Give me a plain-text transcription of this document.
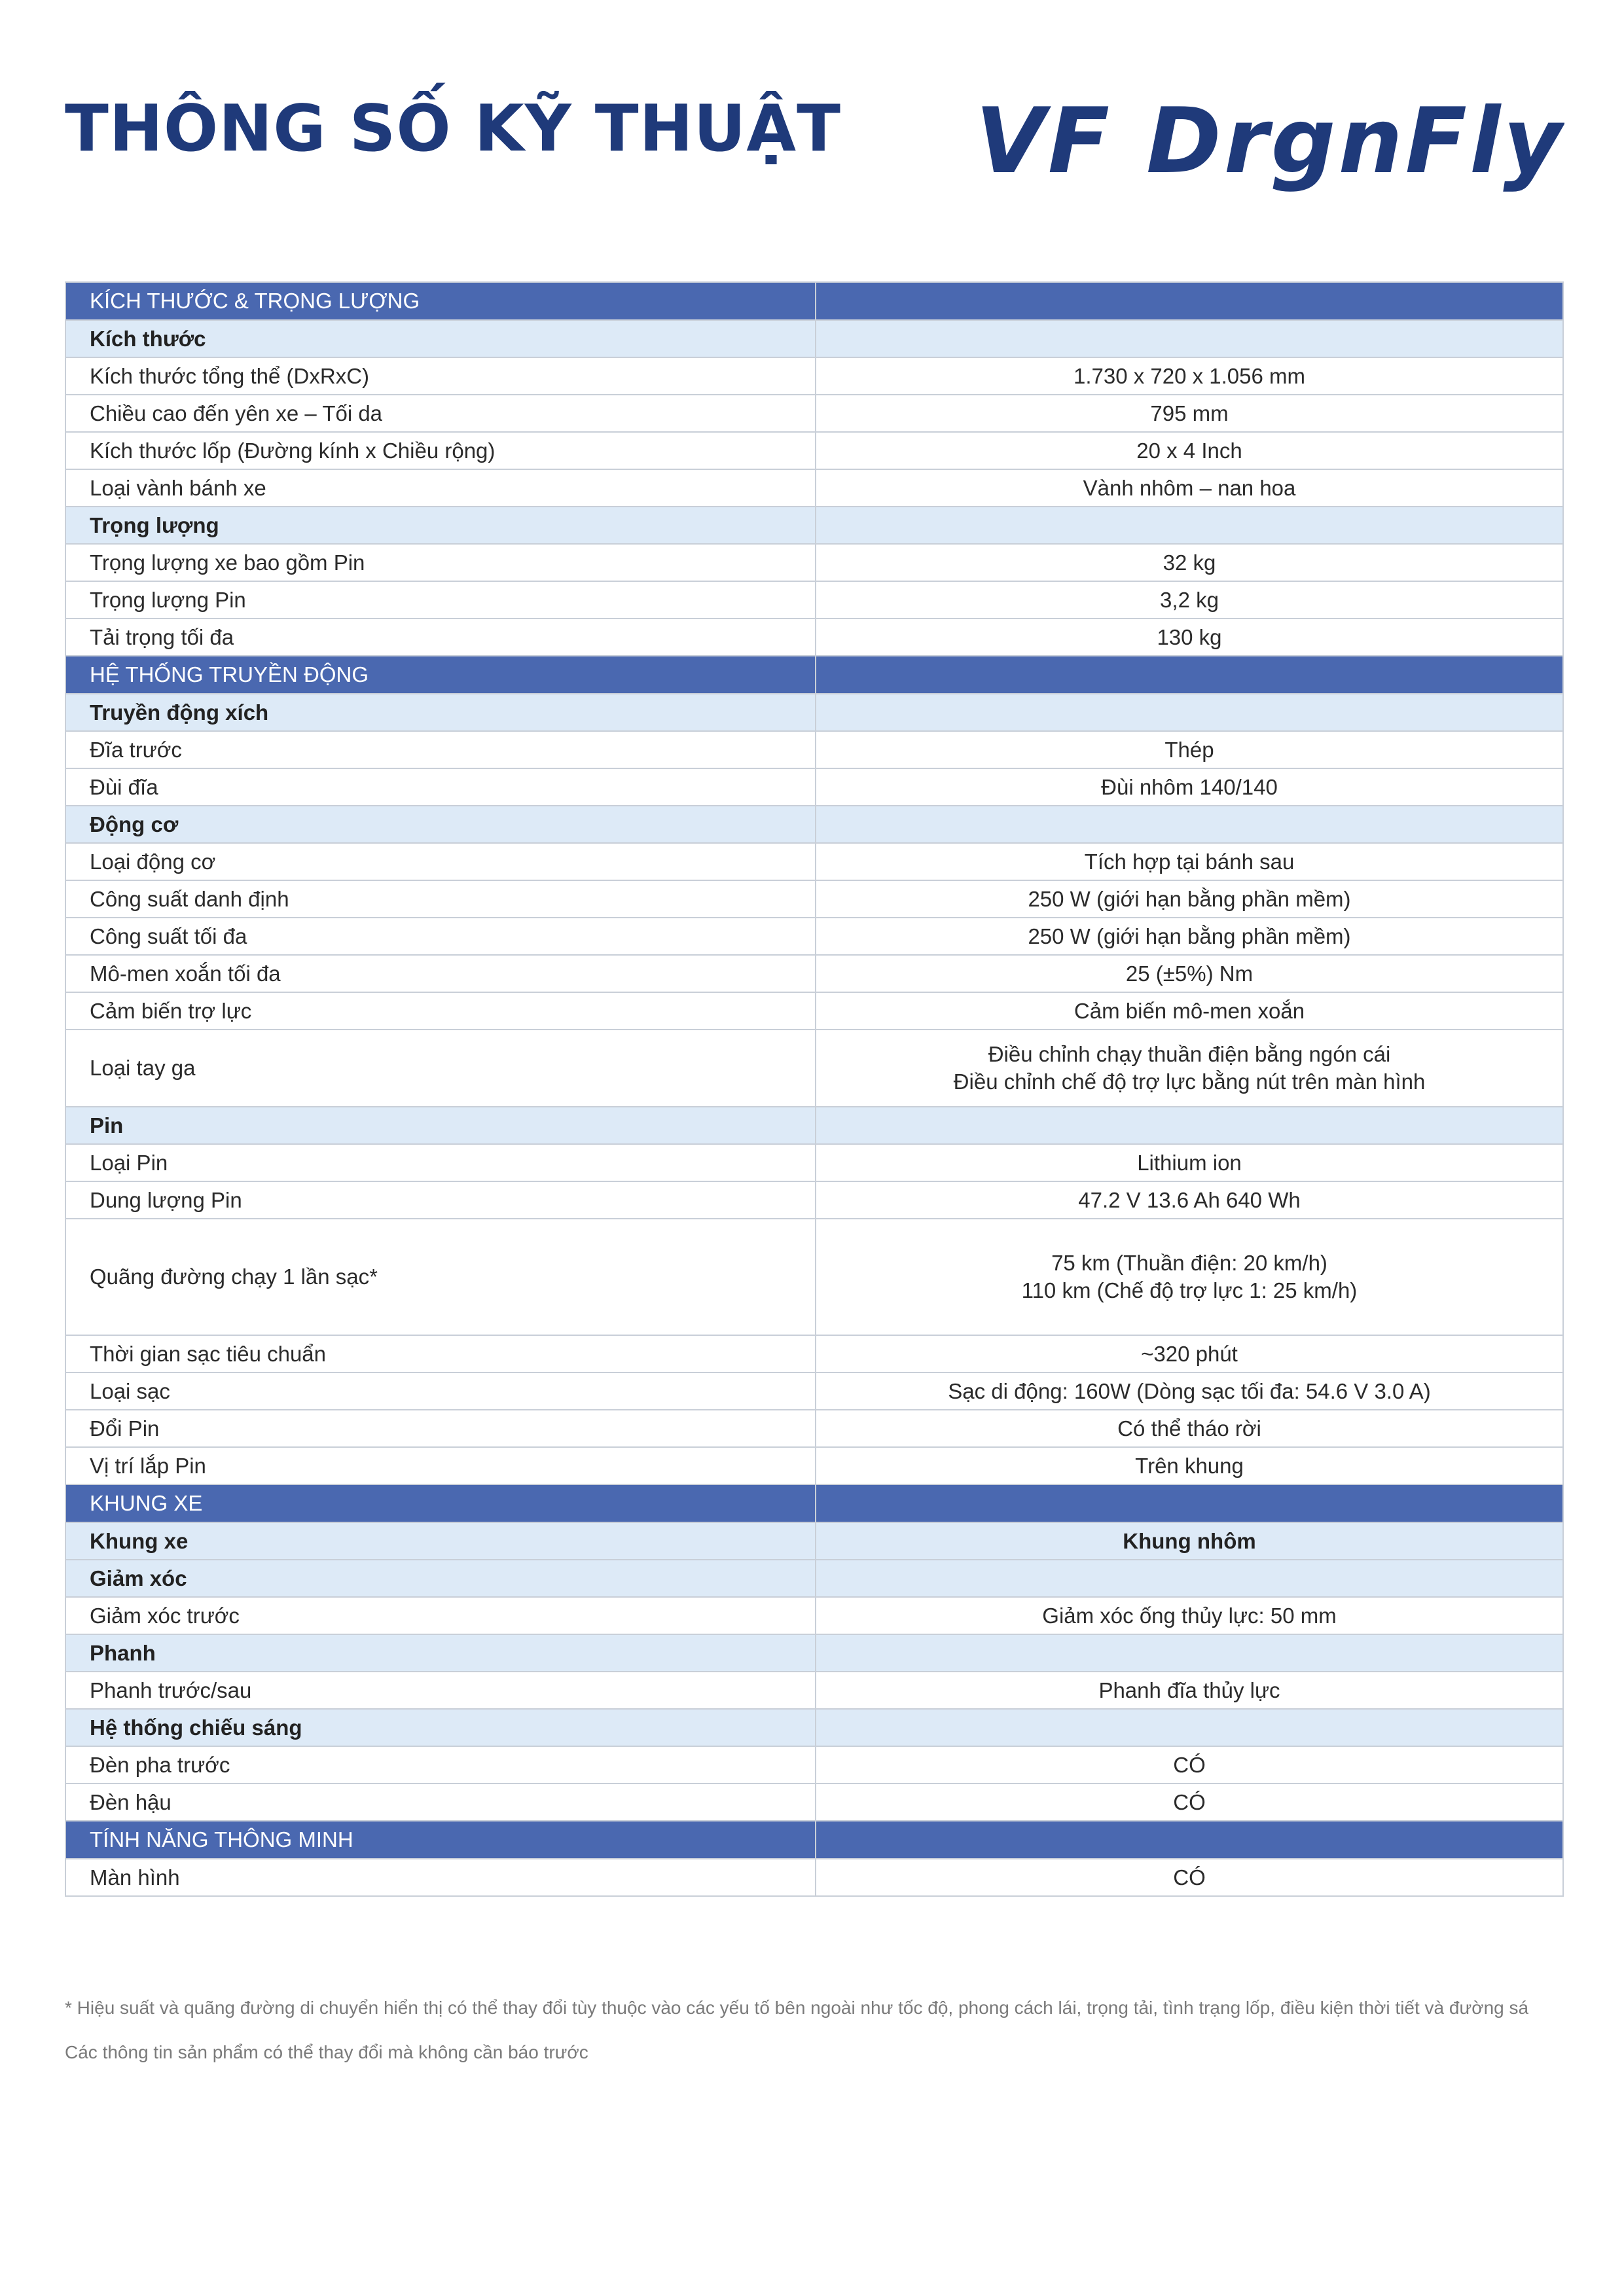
THÔNG SỐ KỸ THUẬT VF DrgnFly
KÍCH THƯỚC & TRỌNG LƯỢNG	
Kích thước	
Kích thước tổng thể (DxRxC)	1.730 x 720 x 1.056 mm
Chiều cao đến yên xe – Tối da	795 mm
Kích thước lốp (Đường kính x Chiều rộng)	20 x 4 Inch
Loại vành bánh xe	Vành nhôm – nan hoa
Trọng lượng	
Trọng lượng xe bao gồm Pin	32 kg
Trọng lượng Pin	3,2 kg
Tải trọng tối đa	130 kg
HỆ THỐNG TRUYỀN ĐỘNG	
Truyền động xích	
Đĩa trước	Thép
Đùi đĩa	Đùi nhôm 140/140
Động cơ	
Loại động cơ	Tích hợp tại bánh sau
Công suất danh định	250 W (giới hạn bằng phần mềm)
Công suất tối đa	250 W (giới hạn bằng phần mềm)
Mô-men xoắn tối đa	25 (±5%) Nm
Cảm biến trợ lực	Cảm biến mô-men xoắn
Loại tay ga	Điều chỉnh chạy thuần điện bằng ngón cái
Điều chỉnh chế độ trợ lực bằng nút trên màn hình

Pin	
Loại Pin	Lithium ion
Dung lượng Pin	47.2 V 13.6 Ah 640 Wh
Quãng đường chạy 1 lần sạc*	75 km (Thuần điện: 20 km/h)
110 km (Chế độ trợ lực 1: 25 km/h)

Thời gian sạc tiêu chuẩn	~320 phút
Loại sạc	Sạc di động: 160W (Dòng sạc tối đa: 54.6 V 3.0 A)
Đổi Pin	Có thể tháo rời
Vị trí lắp Pin	Trên khung
KHUNG XE	
Khung xe	Khung nhôm
Giảm xóc	
Giảm xóc trước	Giảm xóc ống thủy lực: 50 mm
Phanh	
Phanh trước/sau	Phanh đĩa thủy lực
Hệ thống chiếu sáng	
Đèn pha trước	CÓ
Đèn hậu	CÓ
TÍNH NĂNG THÔNG MINH	
Màn hình	CÓ

* Hiệu suất và quãng đường di chuyển hiển thị có thể thay đổi tùy thuộc vào các yếu tố bên ngoài như tốc độ, phong cách lái, trọng tải, tình trạng lốp, điều kiện thời tiết và đường sá

Các thông tin sản phẩm có thể thay đổi mà không cần báo trước
